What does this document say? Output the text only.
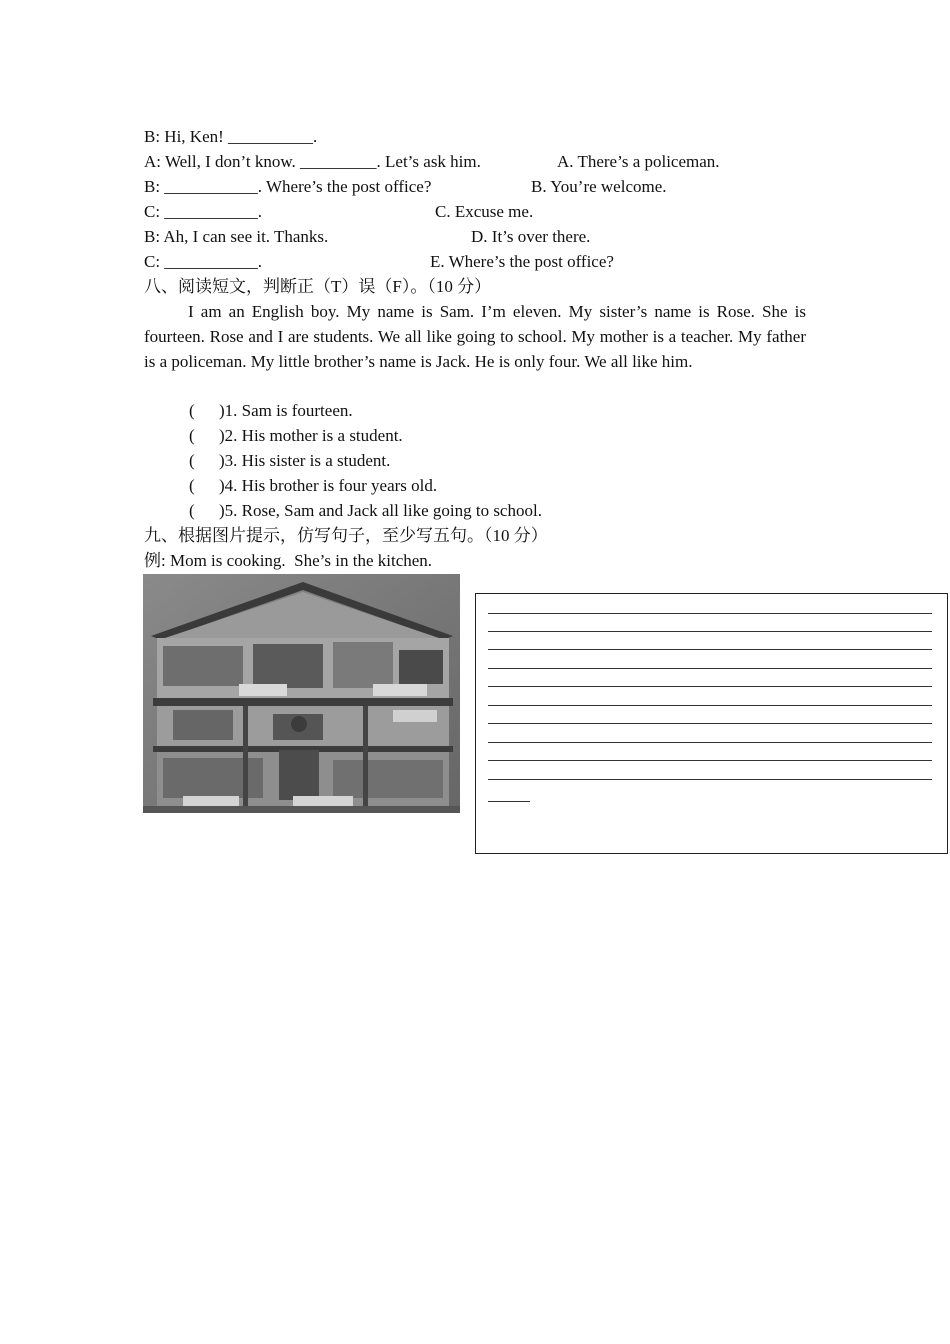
B: Hi, Ken! __________.
A: Well, I don’t know. _________. Let’s ask him.	A. There’s a policeman.
B: ___________. Where’s the post office?	B. You’re welcome.
C: ___________.	C. Excuse me.
B: Ah, I can see it. Thanks.	D. It’s over there.
C: ___________.	E. Where’s the post office?
八、阅读短文，判断正（T）误（F）。（10 分）
I am an English boy. My name is Sam. I’m eleven. My sister’s name is Rose. She is fourteen. Rose and I are students. We all like going to school. My mother is a teacher. My father is a policeman. My little brother’s name is Jack. He is only four. We all like him.
( )1. Sam is fourteen.
( )2. His mother is a student.
( )3. His sister is a student.
( )4. His brother is four years old.
( )5. Rose, Sam and Jack all like going to school.
九、根据图片提示，仿写句子，至少写五句。（10 分）
例: Mom is cooking.  She’s in the kitchen.
